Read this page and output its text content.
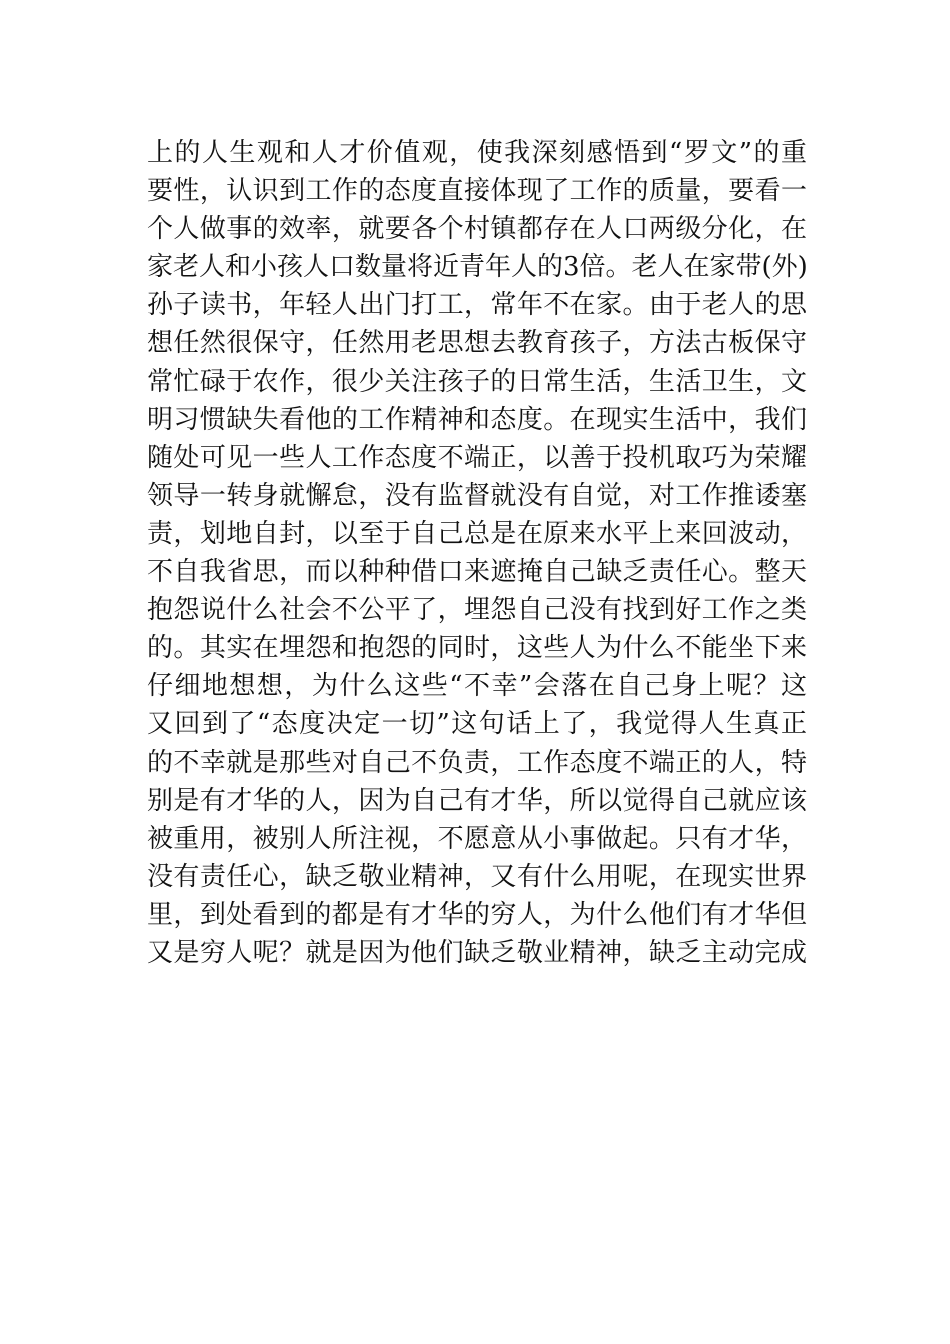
上的人生观和人才价值观，使我深刻感悟到“罗文”的重
要性，认识到工作的态度直接体现了工作的质量，要看一
个人做事的效率，就要各个村镇都存在人口两级分化，在
家老人和小孩人口数量将近青年人的3倍。老人在家带(外)
孙子读书，年轻人出门打工，常年不在家。由于老人的思
想任然很保守，任然用老思想去教育孩子，方法古板保守
常忙碌于农作，很少关注孩子的日常生活，生活卫生，文
明习惯缺失看他的工作精神和态度。在现实生活中，我们
随处可见一些人工作态度不端正，以善于投机取巧为荣耀
领导一转身就懈怠，没有监督就没有自觉，对工作推诿塞
责，划地自封，以至于自己总是在原来水平上来回波动，
不自我省思，而以种种借口来遮掩自己缺乏责任心。整天
抱怨说什么社会不公平了，埋怨自己没有找到好工作之类
的。其实在埋怨和抱怨的同时，这些人为什么不能坐下来
仔细地想想，为什么这些“不幸”会落在自己身上呢？这
又回到了“态度决定一切”这句话上了，我觉得人生真正
的不幸就是那些对自己不负责，工作态度不端正的人，特
别是有才华的人，因为自己有才华，所以觉得自己就应该
被重用，被别人所注视，不愿意从小事做起。只有才华，
没有责任心，缺乏敬业精神，又有什么用呢，在现实世界
里，到处看到的都是有才华的穷人，为什么他们有才华但
又是穷人呢？就是因为他们缺乏敬业精神，缺乏主动完成
